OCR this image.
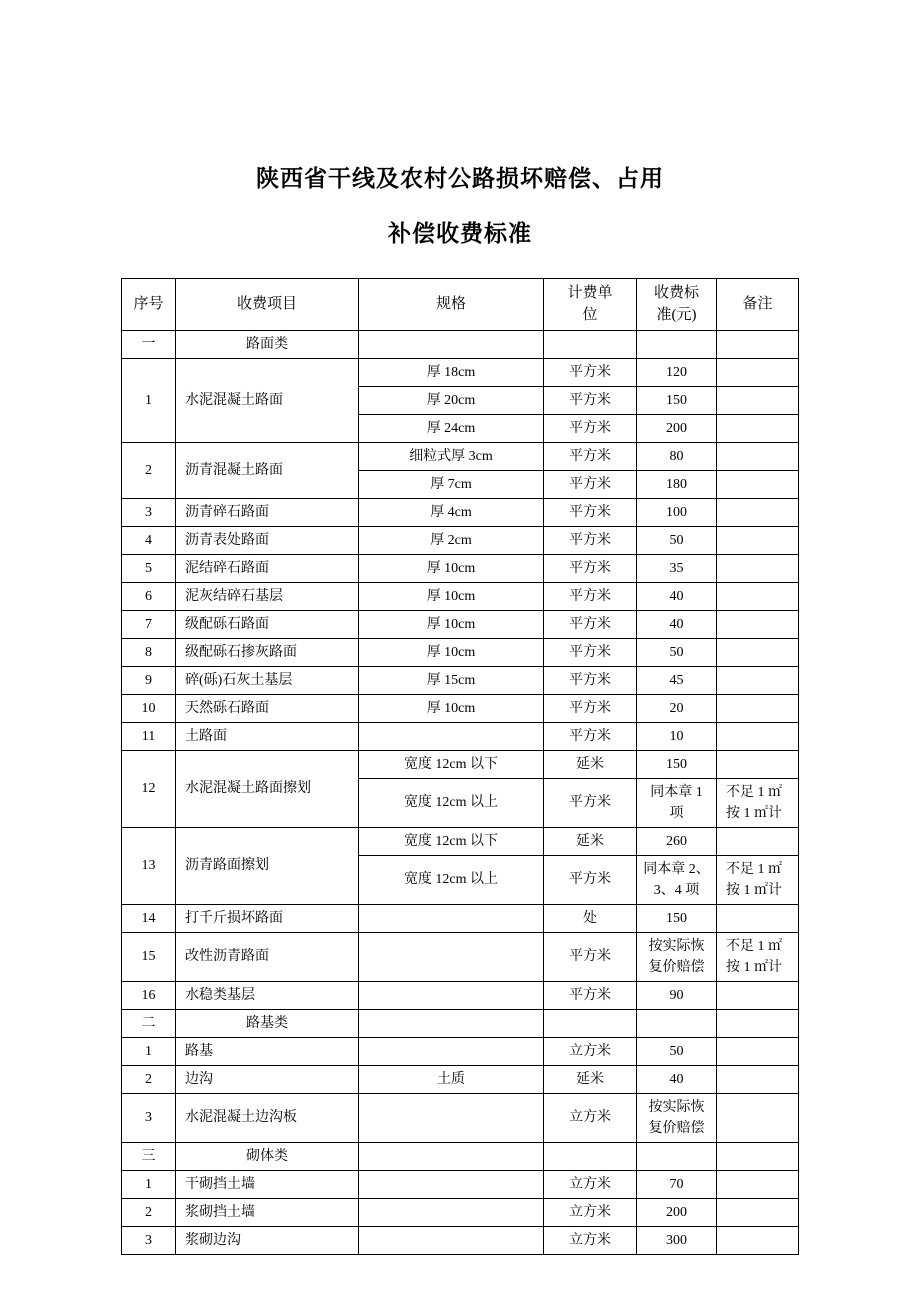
陕西省干线及农村公路损坏赔偿、占用
补偿收费标准
序号	收费项目	规格	计费单位	收费标准(元)	备注
一	路面类				
1	水泥混凝土路面	厚 18cm	平方米	120	
		厚 20cm	平方米	150	
		厚 24cm	平方米	200	
2	沥青混凝土路面	细粒式厚 3cm	平方米	80	
		厚 7cm	平方米	180	
3	沥青碎石路面	厚 4cm	平方米	100	
4	沥青表处路面	厚 2cm	平方米	50	
5	泥结碎石路面	厚 10cm	平方米	35	
6	泥灰结碎石基层	厚 10cm	平方米	40	
7	级配砾石路面	厚 10cm	平方米	40	
8	级配砾石掺灰路面	厚 10cm	平方米	50	
9	碎(砾)石灰土基层	厚 15cm	平方米	45	
10	天然砾石路面	厚 10cm	平方米	20	
11	土路面		平方米	10	
12	水泥混凝土路面擦划	宽度 12cm 以下	延米	150	
		宽度 12cm 以上	平方米	同本章 1 项	不足 1 ㎡ 按 1 ㎡计
13	沥青路面擦划	宽度 12cm 以下	延米	260	
		宽度 12cm 以上	平方米	同本章 2、3、4 项	不足 1 ㎡ 按 1 ㎡计
14	打千斤损坏路面		处	150	
15	改性沥青路面		平方米	按实际恢复价赔偿	不足 1 ㎡ 按 1 ㎡计
16	水稳类基层		平方米	90	
二	路基类				
1	路基		立方米	50	
2	边沟	土质	延米	40	
3	水泥混凝土边沟板		立方米	按实际恢复价赔偿	
三	砌体类				
1	干砌挡土墙		立方米	70	
2	浆砌挡土墙		立方米	200	
3	浆砌边沟		立方米	300	
